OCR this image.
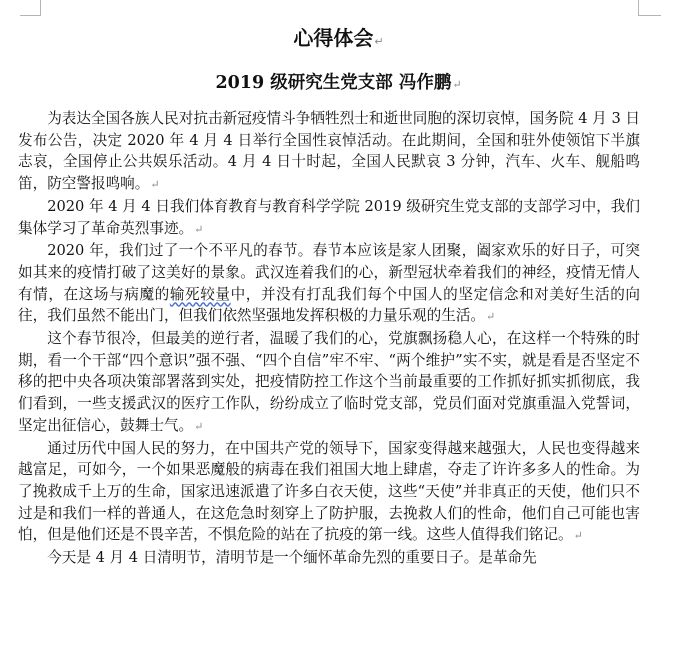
心得体会↵
2019 级研究生党支部 冯作鹏↵

为表达全国各族人民对抗击新冠疫情斗争牺牲烈士和逝世同胞的深切哀悼，国务院 4 月 3 日发布公告，决定 2020 年 4 月 4 日举行全国性哀悼活动。在此期间，全国和驻外使领馆下半旗志哀，全国停止公共娱乐活动。4 月 4 日十时起，全国人民默哀 3 分钟，汽车、火车、舰船鸣笛，防空警报鸣响。↵

2020 年 4 月 4 日我们体育教育与教育科学学院 2019 级研究生党支部的支部学习中，我们集体学习了革命英烈事迹。↵

2020 年，我们过了一个不平凡的春节。春节本应该是家人团聚，阖家欢乐的好日子，可突如其来的疫情打破了这美好的景象。武汉连着我们的心，新型冠状牵着我们的神经，疫情无情人有情，在这场与病魔的输死较量中，并没有打乱我们每个中国人的坚定信念和对美好生活的向往，我们虽然不能出门，但我们依然坚强地发挥积极的力量乐观的生活。↵

这个春节很冷，但最美的逆行者，温暖了我们的心，党旗飘扬稳人心，在这样一个特殊的时期，看一个干部“四个意识”强不强、“四个自信”牢不牢、“两个维护”实不实，就是看是否坚定不移的把中央各项决策部署落到实处，把疫情防控工作这个当前最重要的工作抓好抓实抓彻底，我们看到，一些支援武汉的医疗工作队，纷纷成立了临时党支部，党员们面对党旗重温入党誓词，坚定出征信心，鼓舞士气。↵

通过历代中国人民的努力，在中国共产党的领导下，国家变得越来越强大，人民也变得越来越富足，可如今，一个如果恶魔般的病毒在我们祖国大地上肆虐，夺走了许许多多人的性命。为了挽救成千上万的生命，国家迅速派遣了许多白衣天使，这些“天使”并非真正的天使，他们只不过是和我们一样的普通人，在这危急时刻穿上了防护服，去挽救人们的性命，他们自己可能也害怕，但是他们还是不畏辛苦，不惧危险的站在了抗疫的第一线。这些人值得我们铭记。↵

今天是 4 月 4 日清明节，清明节是一个缅怀革命先烈的重要日子。是革命先
